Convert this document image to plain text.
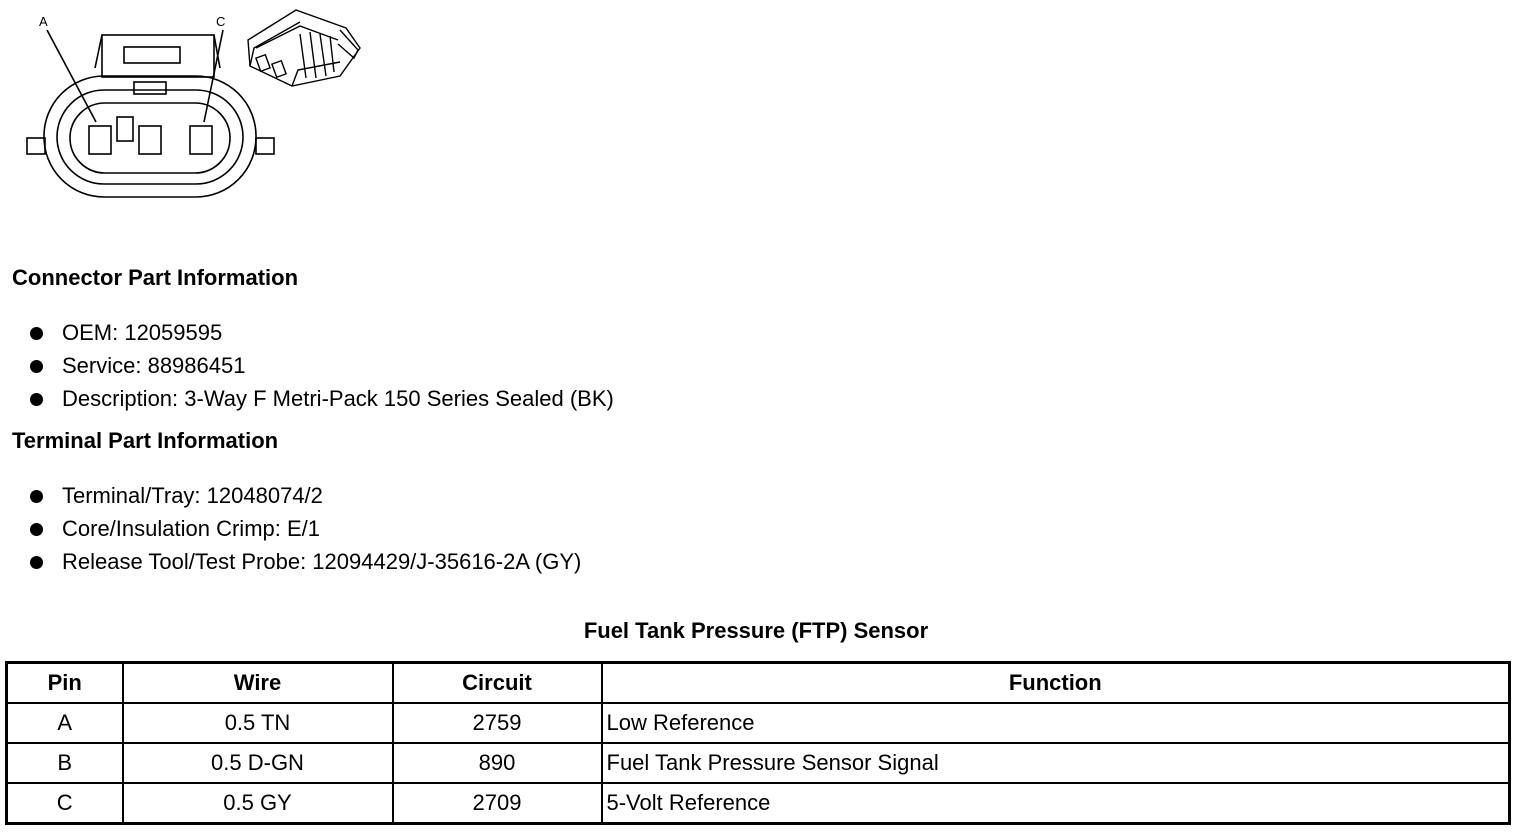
A	C
Connector Part Information
OEM: 12059595
Service: 88986451
Description: 3-Way F Metri-Pack 150 Series Sealed (BK)
Terminal Part Information
Terminal/Tray: 12048074/2
Core/Insulation Crimp: E/1
Release Tool/Test Probe: 12094429/J-35616-2A (GY)
Fuel Tank Pressure (FTP) Sensor
Pin	Wire	Circuit	Function
A	0.5 TN	2759	Low Reference
B	0.5 D-GN	890	Fuel Tank Pressure Sensor Signal
C	0.5 GY	2709	5-Volt Reference
